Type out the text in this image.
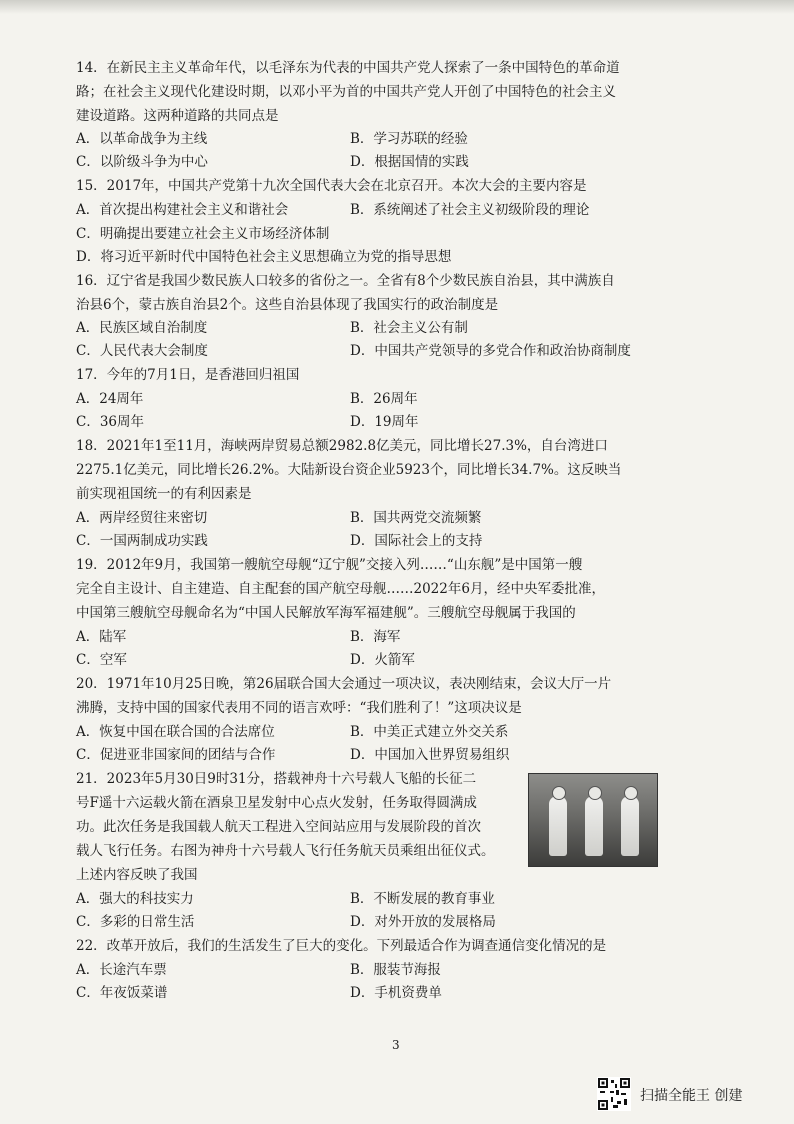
14．在新民主主义革命年代，以毛泽东为代表的中国共产党人探索了一条中国特色的革命道
路；在社会主义现代化建设时期，以邓小平为首的中国共产党人开创了中国特色的社会主义
建设道路。这两种道路的共同点是
A．以革命战争为主线	B．学习苏联的经验
C．以阶级斗争为中心	D．根据国情的实践
15．2017年，中国共产党第十九次全国代表大会在北京召开。本次大会的主要内容是
A．首次提出构建社会主义和谐社会	B．系统阐述了社会主义初级阶段的理论
C．明确提出要建立社会主义市场经济体制
D．将习近平新时代中国特色社会主义思想确立为党的指导思想
16．辽宁省是我国少数民族人口较多的省份之一。全省有8个少数民族自治县，其中满族自
治县6个，蒙古族自治县2个。这些自治县体现了我国实行的政治制度是
A．民族区域自治制度	B．社会主义公有制
C．人民代表大会制度	D．中国共产党领导的多党合作和政治协商制度
17．今年的7月1日，是香港回归祖国
A．24周年	B．26周年
C．36周年	D．19周年
18．2021年1至11月，海峡两岸贸易总额2982.8亿美元，同比增长27.3%，自台湾进口
2275.1亿美元，同比增长26.2%。大陆新设台资企业5923个，同比增长34.7%。这反映当
前实现祖国统一的有利因素是
A．两岸经贸往来密切	B．国共两党交流频繁
C．一国两制成功实践	D．国际社会上的支持
19．2012年9月，我国第一艘航空母舰“辽宁舰”交接入列……“山东舰”是中国第一艘
完全自主设计、自主建造、自主配套的国产航空母舰……2022年6月，经中央军委批准，
中国第三艘航空母舰命名为“中国人民解放军海军福建舰”。三艘航空母舰属于我国的
A．陆军	B．海军
C．空军	D．火箭军
20．1971年10月25日晚，第26届联合国大会通过一项决议，表决刚结束，会议大厅一片
沸腾，支持中国的国家代表用不同的语言欢呼：“我们胜利了！”这项决议是
A．恢复中国在联合国的合法席位	B．中美正式建立外交关系
C．促进亚非国家间的团结与合作	D．中国加入世界贸易组织
21．2023年5月30日9时31分，搭载神舟十六号载人飞船的长征二
号F遥十六运载火箭在酒泉卫星发射中心点火发射，任务取得圆满成
功。此次任务是我国载人航天工程进入空间站应用与发展阶段的首次
载人飞行任务。右图为神舟十六号载人飞行任务航天员乘组出征仪式。
上述内容反映了我国
A．强大的科技实力	B．不断发展的教育事业
C．多彩的日常生活	D．对外开放的发展格局
22．改革开放后，我们的生活发生了巨大的变化。下列最适合作为调查通信变化情况的是
A．长途汽车票	B．服装节海报
C．年夜饭菜谱	D．手机资费单
3
扫描全能王 创建
